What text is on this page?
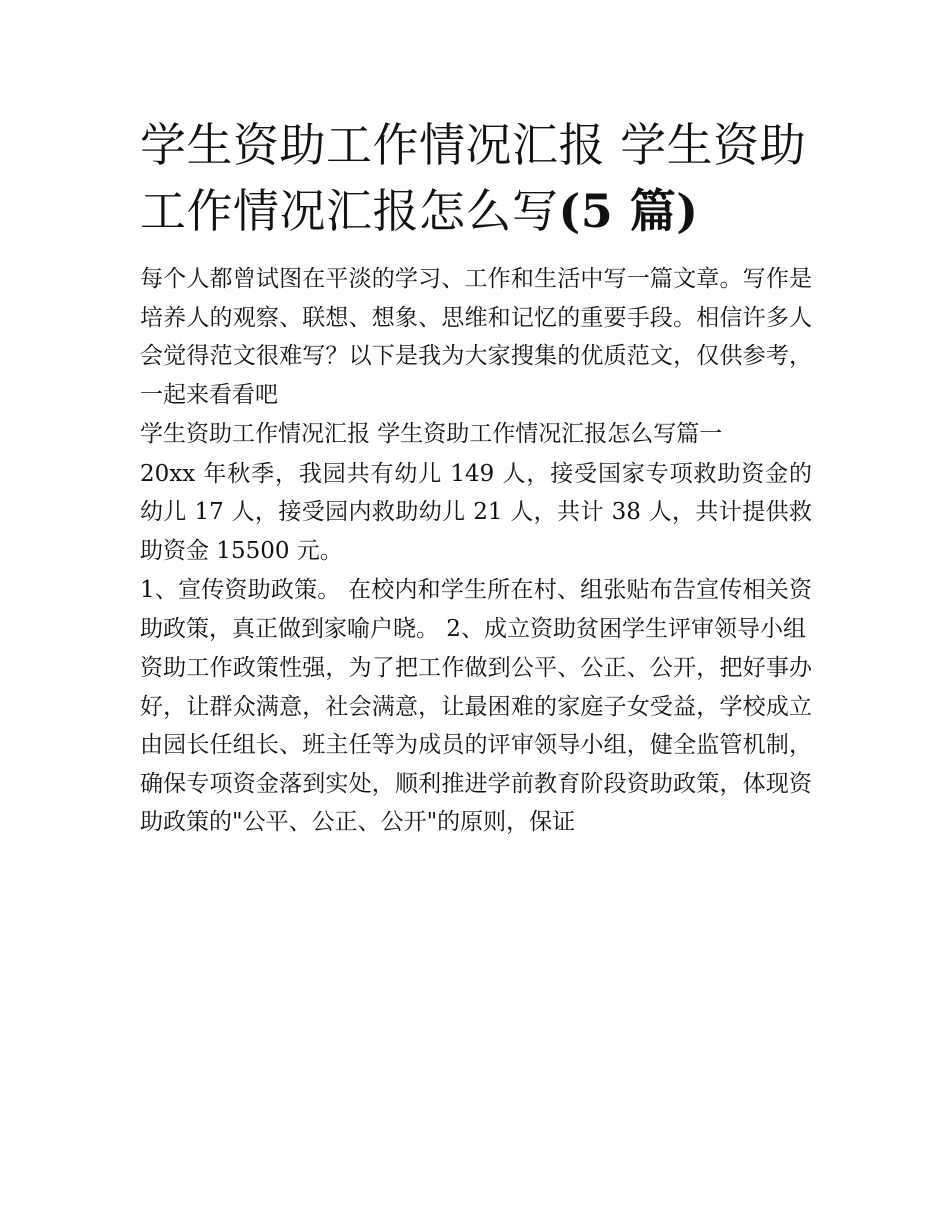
学生资助工作情况汇报 学生资助工作情况汇报怎么写(5 篇)

每个人都曾试图在平淡的学习、工作和生活中写一篇文章。写作是培养人的观察、联想、想象、思维和记忆的重要手段。相信许多人会觉得范文很难写？以下是我为大家搜集的优质范文，仅供参考，一起来看看吧

学生资助工作情况汇报 学生资助工作情况汇报怎么写篇一

20xx 年秋季，我园共有幼儿 149 人，接受国家专项救助资金的幼儿 17 人，接受园内救助幼儿 21 人，共计 38 人，共计提供救助资金 15500 元。

1、宣传资助政策。 在校内和学生所在村、组张贴布告宣传相关资助政策，真正做到家喻户晓。 2、成立资助贫困学生评审领导小组

资助工作政策性强，为了把工作做到公平、公正、公开，把好事办好，让群众满意，社会满意，让最困难的家庭子女受益，学校成立由园长任组长、班主任等为成员的评审领导小组，健全监管机制，确保专项资金落到实处，顺利推进学前教育阶段资助政策，体现资助政策的"公平、公正、公开"的原则，保证
